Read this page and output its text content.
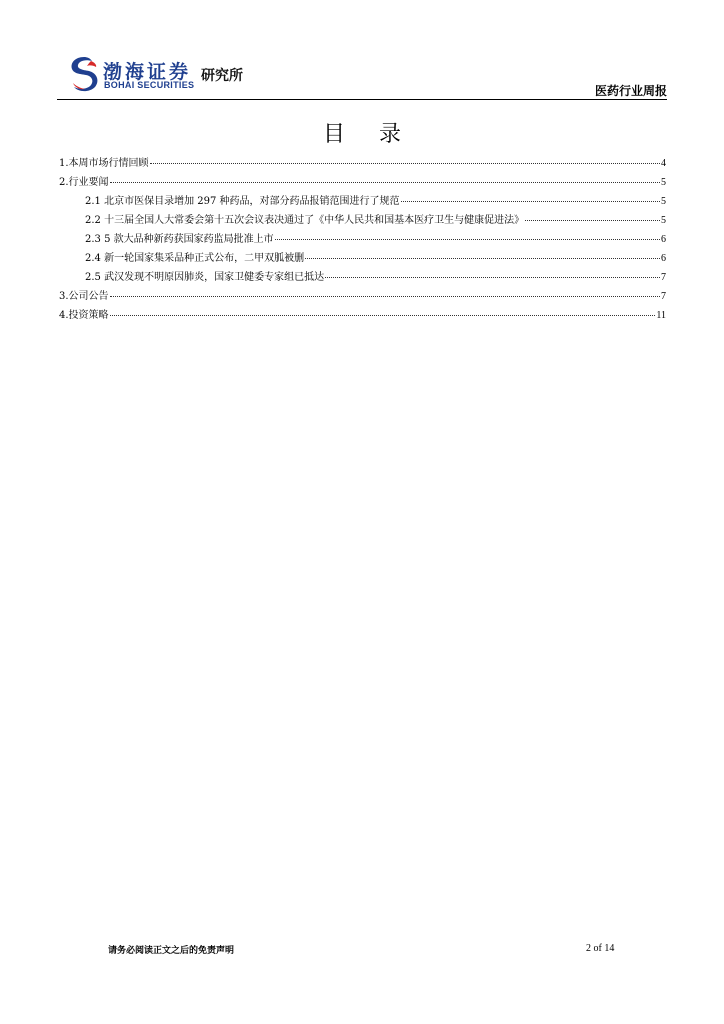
渤海证券
BOHAI SECURITIES
研究所
医药行业周报
目录
1.本周市场行情回顾	4
2.行业要闻	5
2.1 北京市医保目录增加 297 种药品，对部分药品报销范围进行了规范	5
2.2 十三届全国人大常委会第十五次会议表决通过了《中华人民共和国基本医疗卫生与健康促进法》	5
2.3 5 款大品种新药获国家药监局批准上市	6
2.4 新一轮国家集采品种正式公布，二甲双胍被删	6
2.5 武汉发现不明原因肺炎，国家卫健委专家组已抵达	7
3.公司公告	7
4.投资策略	11
请务必阅读正文之后的免责声明	2 of 14
